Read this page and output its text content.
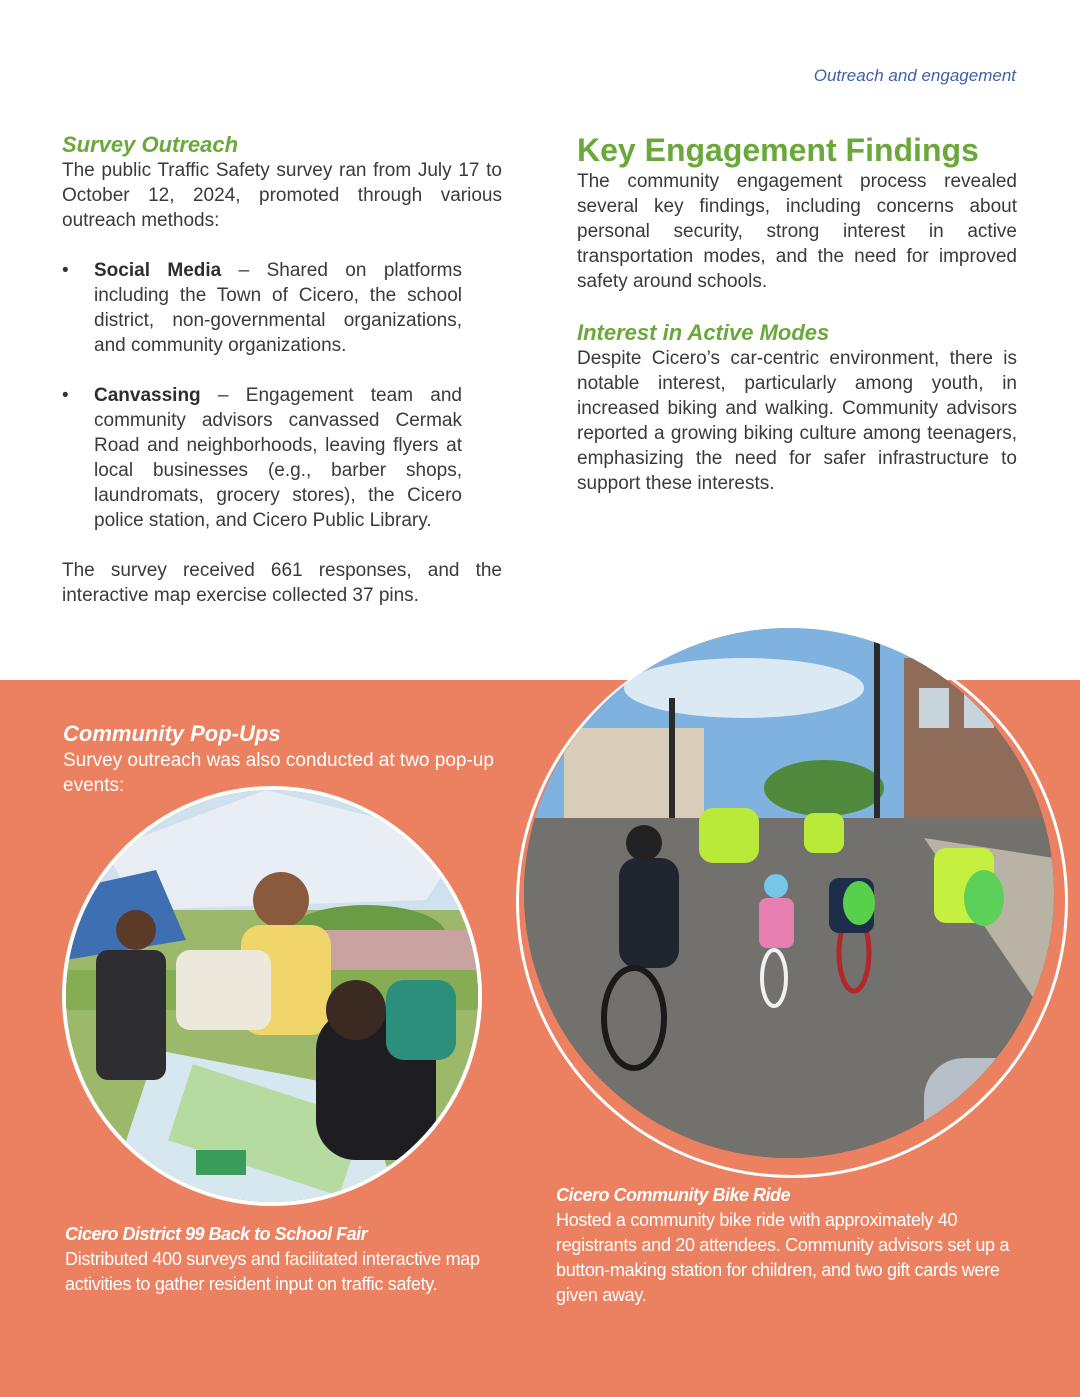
Outreach and engagement
Survey Outreach

The public Traffic Safety survey ran from July 17 to October 12, 2024, promoted through various outreach methods:

• Social Media – Shared on platforms including the Town of Cicero, the school district, non-governmental organizations, and community organizations.

• Canvassing – Engagement team and community advisors canvassed Cermak Road and neighborhoods, leaving flyers at local businesses (e.g., barber shops, laundromats, grocery stores), the Cicero police station, and Cicero Public Library.

The survey received 661 responses, and the interactive map exercise collected 37 pins.

Key Engagement Findings

The community engagement process revealed several key findings, including concerns about personal security, strong interest in active transportation modes, and the need for improved safety around schools.

Interest in Active Modes

Despite Cicero’s car-centric environment, there is notable interest, particularly among youth, in increased biking and walking. Community advisors reported a growing biking culture among teenagers, emphasizing the need for safer infrastructure to support these interests.

Community Pop-Ups

Survey outreach was also conducted at two pop-up events:

Cicero District 99 Back to School Fair

Distributed 400 surveys and facilitated interactive map activities to gather resident input on traffic safety.

Cicero Community Bike Ride

Hosted a community bike ride with approximately 40 registrants and 20 attendees. Community advisors set up a button-making station for children, and two gift cards were given away.
